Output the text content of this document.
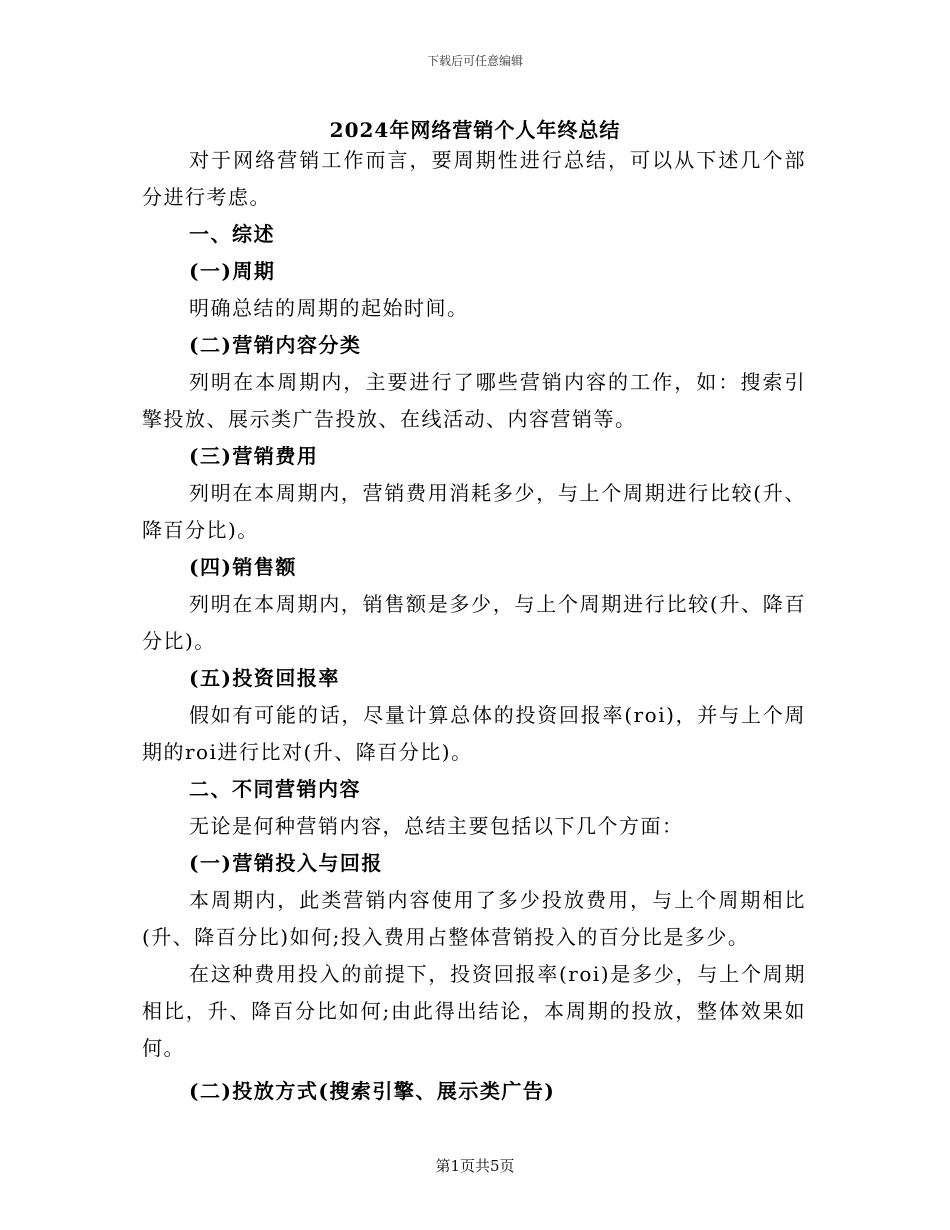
下载后可任意编辑
2024年网络营销个人年终总结

对于网络营销工作而言，要周期性进行总结，可以从下述几个部分进行考虑。

一、综述

(一)周期

明确总结的周期的起始时间。

(二)营销内容分类

列明在本周期内，主要进行了哪些营销内容的工作，如：搜索引擎投放、展示类广告投放、在线活动、内容营销等。

(三)营销费用

列明在本周期内，营销费用消耗多少，与上个周期进行比较(升、降百分比)。

(四)销售额

列明在本周期内，销售额是多少，与上个周期进行比较(升、降百分比)。

(五)投资回报率

假如有可能的话，尽量计算总体的投资回报率(roi)，并与上个周期的roi进行比对(升、降百分比)。

二、不同营销内容

无论是何种营销内容，总结主要包括以下几个方面：

(一)营销投入与回报

本周期内，此类营销内容使用了多少投放费用，与上个周期相比(升、降百分比)如何;投入费用占整体营销投入的百分比是多少。

在这种费用投入的前提下，投资回报率(roi)是多少，与上个周期相比，升、降百分比如何;由此得出结论，本周期的投放，整体效果如何。

(二)投放方式(搜索引擎、展示类广告)

第1页共5页
